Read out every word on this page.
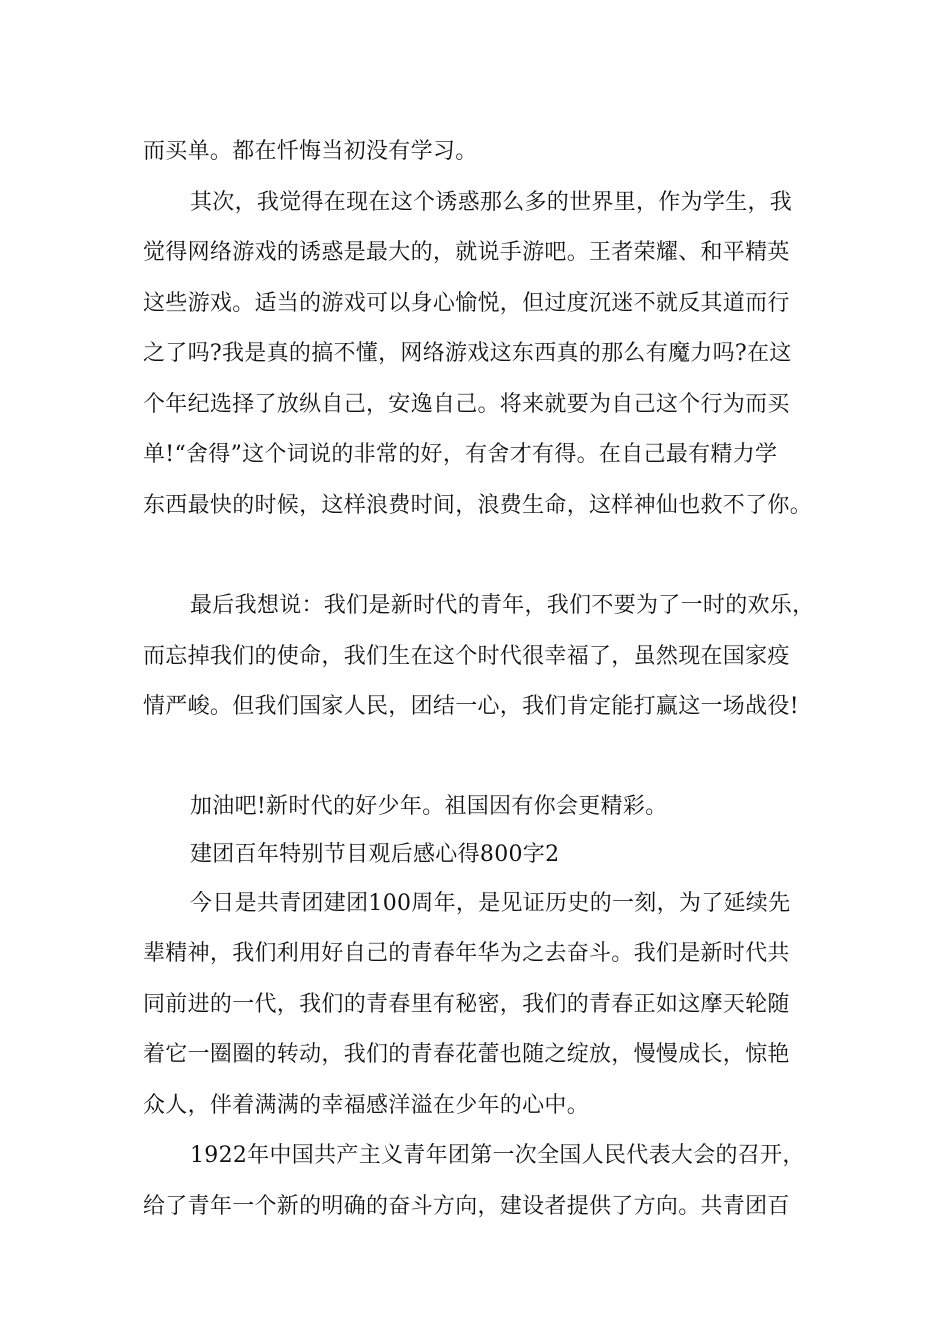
而买单。都在忏悔当初没有学习。
其次，我觉得在现在这个诱惑那么多的世界里，作为学生，我
觉得网络游戏的诱惑是最大的，就说手游吧。王者荣耀、和平精英
这些游戏。适当的游戏可以身心愉悦，但过度沉迷不就反其道而行
之了吗?我是真的搞不懂，网络游戏这东西真的那么有魔力吗?在这
个年纪选择了放纵自己，安逸自己。将来就要为自己这个行为而买
单!“舍得”这个词说的非常的好，有舍才有得。在自己最有精力学
东西最快的时候，这样浪费时间，浪费生命，这样神仙也救不了你。
最后我想说：我们是新时代的青年，我们不要为了一时的欢乐，
而忘掉我们的使命，我们生在这个时代很幸福了，虽然现在国家疫
情严峻。但我们国家人民，团结一心，我们肯定能打赢这一场战役!
加油吧!新时代的好少年。祖国因有你会更精彩。
建团百年特别节目观后感心得800字2
今日是共青团建团100周年，是见证历史的一刻，为了延续先
辈精神，我们利用好自己的青春年华为之去奋斗。我们是新时代共
同前进的一代，我们的青春里有秘密，我们的青春正如这摩天轮随
着它一圈圈的转动，我们的青春花蕾也随之绽放，慢慢成长，惊艳
众人，伴着满满的幸福感洋溢在少年的心中。
1922年中国共产主义青年团第一次全国人民代表大会的召开，
给了青年一个新的明确的奋斗方向，建设者提供了方向。共青团百
